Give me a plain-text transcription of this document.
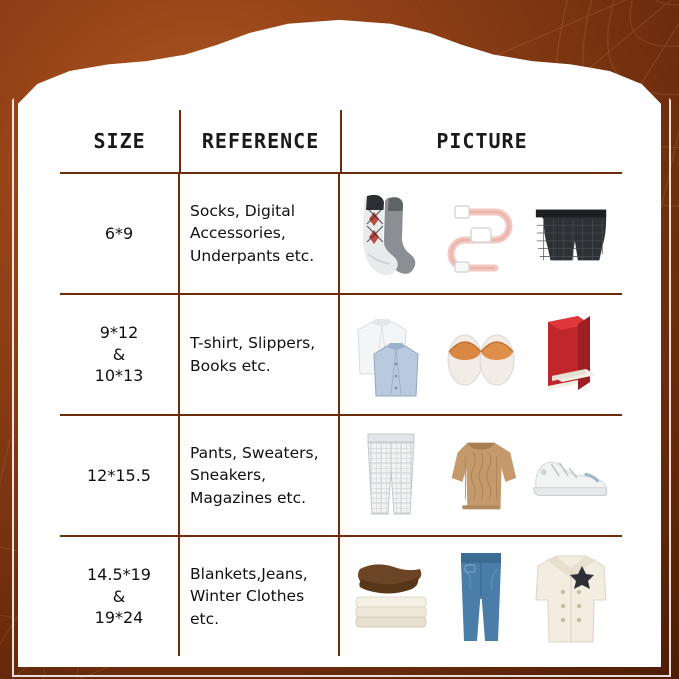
SIZE	REFERENCE	PICTURE
6*9
Socks, Digital Accessories, Underpants etc.
9*12
&
10*13
T-shirt, Slippers, Books etc.
12*15.5
Pants, Sweaters, Sneakers, Magazines etc.
14.5*19
&
19*24
Blankets,Jeans, Winter Clothes etc.
